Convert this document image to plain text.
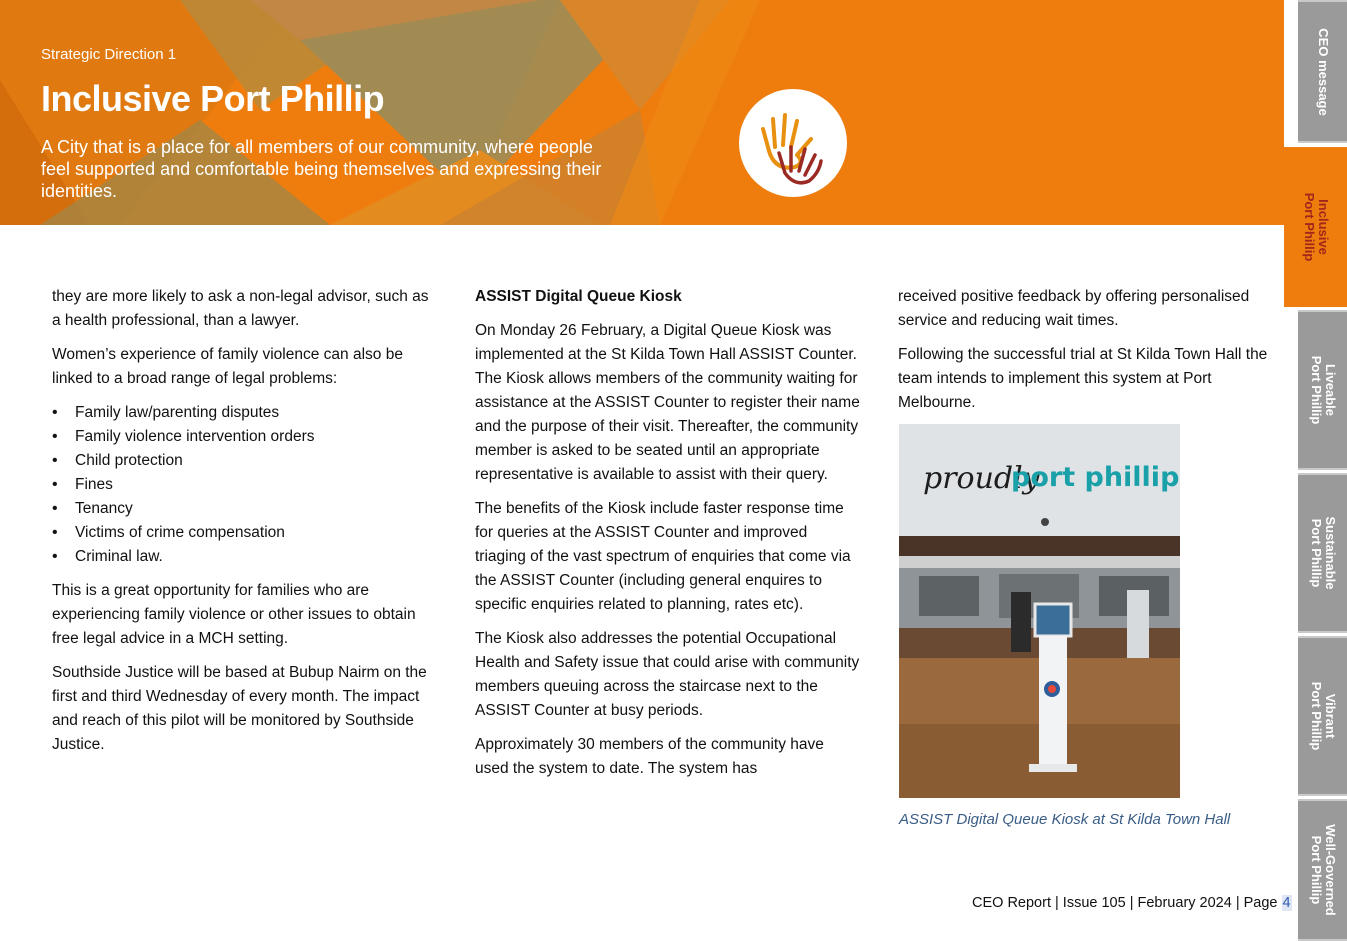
Strategic Direction 1
Inclusive Port Phillip
A City that is a place for all members of our community, where people feel supported and comfortable being themselves and expressing their identities.
CEO message
Inclusive
Port Phillip
Liveable
Port Phillip
Sustainable
Port Phillip
Vibrant
Port Phillip
Well-Governed
Port Phillip

they are more likely to ask a non-legal advisor, such as a health professional, than a lawyer.

Women’s experience of family violence can also be linked to a broad range of legal problems:

• Family law/parenting disputes
• Family violence intervention orders
• Child protection
• Fines
• Tenancy
• Victims of crime compensation
• Criminal law.

This is a great opportunity for families who are experiencing family violence or other issues to obtain free legal advice in a MCH setting.

Southside Justice will be based at Bubup Nairm on the first and third Wednesday of every month. The impact and reach of this pilot will be monitored by Southside Justice.

ASSIST Digital Queue Kiosk

On Monday 26 February, a Digital Queue Kiosk was implemented at the St Kilda Town Hall ASSIST Counter. The Kiosk allows members of the community waiting for assistance at the ASSIST Counter to register their name and the purpose of their visit. Thereafter, the community member is asked to be seated until an appropriate representative is available to assist with their query.

The benefits of the Kiosk include faster response time for queries at the ASSIST Counter and improved triaging of the vast spectrum of enquiries that come via the ASSIST Counter (including general enquires to specific enquiries related to planning, rates etc).

The Kiosk also addresses the potential Occupational Health and Safety issue that could arise with community members queuing across the staircase next to the ASSIST Counter at busy periods.

Approximately 30 members of the community have used the system to date. The system has

received positive feedback by offering personalised service and reducing wait times.

Following the successful trial at St Kilda Town Hall the team intends to implement this system at Port Melbourne.

proudly
port phillip
ASSIST Digital Queue Kiosk at St Kilda Town Hall
CEO Report | Issue 105 | February 2024 | Page 4
